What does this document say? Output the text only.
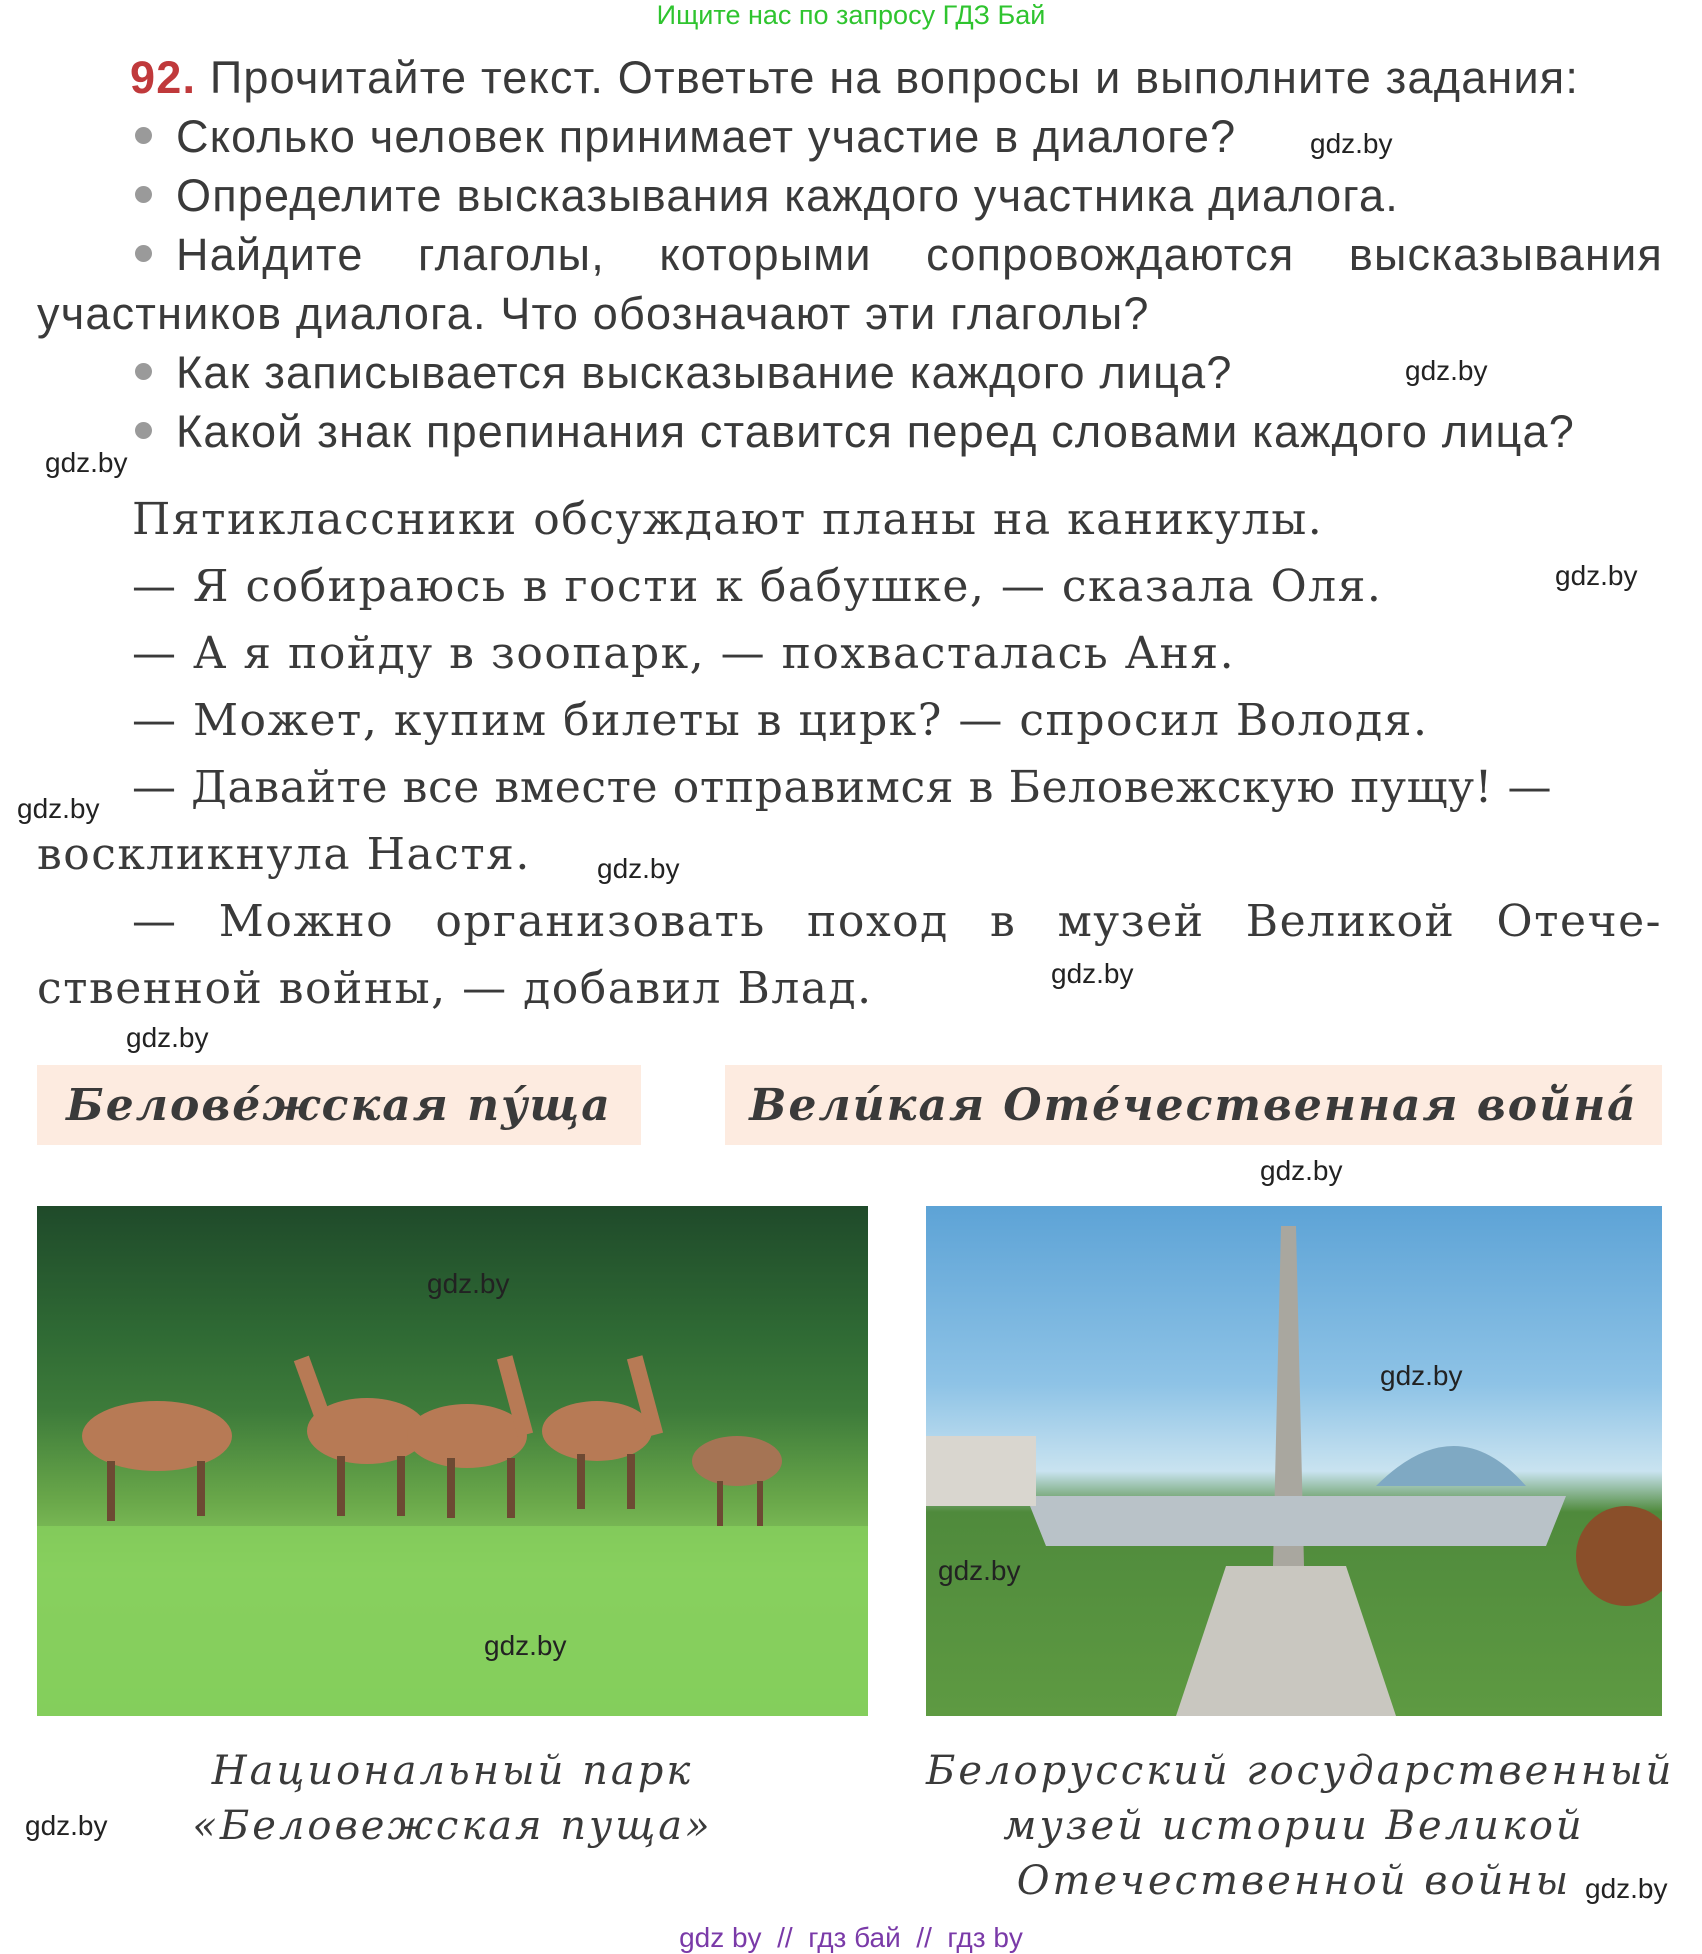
Ищите нас по запросу ГДЗ Бай
92. Прочитайте текст. Ответьте на вопросы и выполните задания:
Сколько человек принимает участие в диалоге?
Определите высказывания каждого участника диалога.
Найдите глаголы, которыми сопровождаются высказывания
участников диалога. Что обозначают эти глаголы?
Как записывается высказывание каждого лица?
Какой знак препинания ставится перед словами каждого лица?
Пятиклассники обсуждают планы на каникулы.
— Я собираюсь в гости к бабушке, — сказала Оля.
— А я пойду в зоопарк, — похвасталась Аня.
— Может, купим билеты в цирк? — спросил Володя.
— Давайте все вместе отправимся в Беловежскую пущу! —
воскликнула Настя.
— Можно организовать поход в музей Великой Отече-
ственной войны, — добавил Влад.
Белове́жская пу́ща	Вели́кая Оте́чественная войнá
Национальный парк
«Беловежская пуща»
Белорусский государственный
музей истории Великой
Отечественной войны
gdz.by
gdz.by
gdz.by
gdz.by
gdz.by
gdz.by
gdz.by
gdz.by
gdz.by
gdz.by
gdz.by
gdz.by
gdz.by
gdz.by
gdz.by
gdz by  //  гдз бай  //  гдз by
